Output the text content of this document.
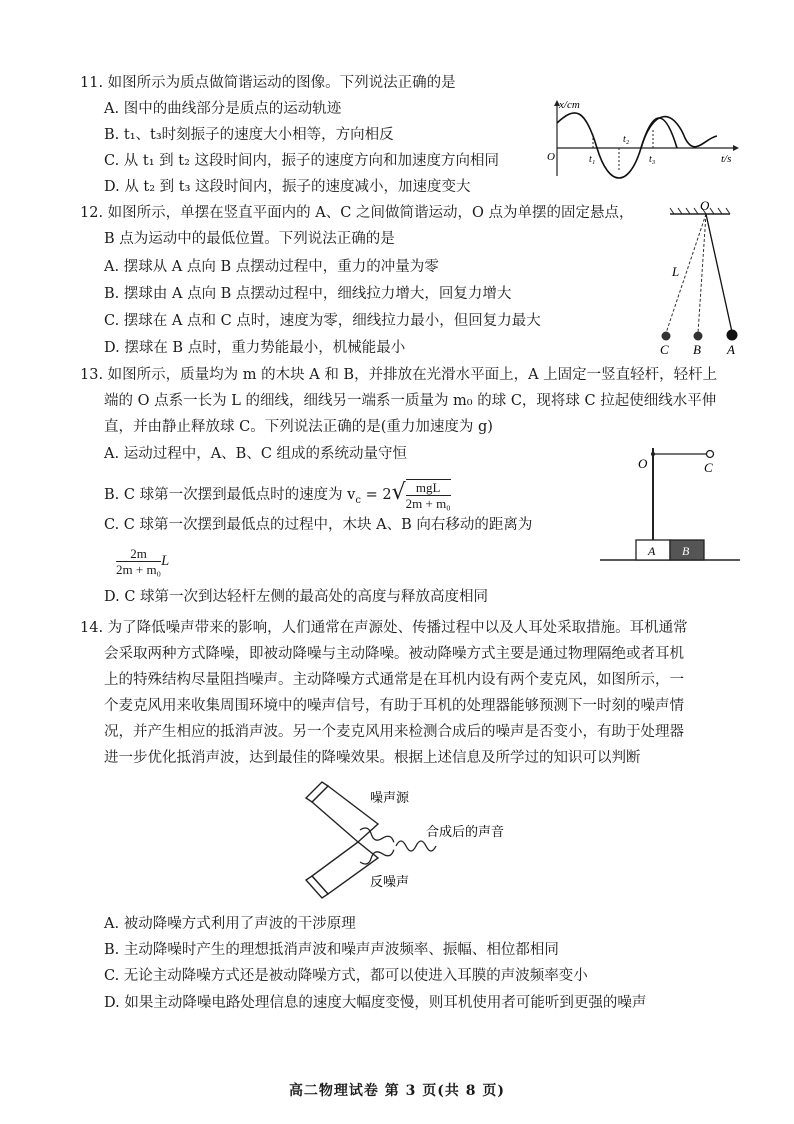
11. 如图所示为质点做简谐运动的图像。下列说法正确的是
A. 图中的曲线部分是质点的运动轨迹
B. t₁、t₃时刻振子的速度大小相等，方向相反
C. 从 t₁ 到 t₂ 这段时间内，振子的速度方向和加速度方向相同
D. 从 t₂ 到 t₃ 这段时间内，振子的速度减小，加速度变大
x/cm
t/s
O	t₁
t₂
t₃
12. 如图所示，单摆在竖直平面内的 A、C 之间做简谐运动，O 点为单摆的固定悬点，
B 点为运动中的最低位置。下列说法正确的是
A. 摆球从 A 点向 B 点摆动过程中，重力的冲量为零
B. 摆球由 A 点向 B 点摆动过程中，细线拉力增大，回复力增大
C. 摆球在 A 点和 C 点时，速度为零，细线拉力最小，但回复力最大
D. 摆球在 B 点时，重力势能最小，机械能最小
O
L
C B A
13. 如图所示，质量均为 m 的木块 A 和 B，并排放在光滑水平面上，A 上固定一竖直轻杆，轻杆上
端的 O 点系一长为 L 的细线，细线另一端系一质量为 m₀ 的球 C，现将球 C 拉起使细线水平伸
直，并由静止释放球 C。下列说法正确的是(重力加速度为 g)
A. 运动过程中，A、B、C 组成的系统动量守恒
B. C 球第一次摆到最低点时的速度为 $v_c = 2√ \frac{\text{mgL}}{\text{2m + m₀}}$
C. C 球第一次摆到最低点的过程中，木块 A、B 向右移动的距离为
$\frac{2m}{\text{2m + m₀}}$ L
D. C 球第一次到达轻杆左侧的最高处的高度与释放高度相同
O	C
A B
14. 为了降低噪声带来的影响，人们通常在声源处、传播过程中以及人耳处采取措施。耳机通常
会采取两种方式降噪，即被动降噪与主动降噪。被动降噪方式主要是通过物理隔绝或者耳机
上的特殊结构尽量阻挡噪声。主动降噪方式通常是在耳机内设有两个麦克风，如图所示，一
个麦克风用来收集周围环境中的噪声信号，有助于耳机的处理器能够预测下一时刻的噪声情
况，并产生相应的抵消声波。另一个麦克风用来检测合成后的噪声是否变小，有助于处理器
进一步优化抵消声波，达到最佳的降噪效果。根据上述信息及所学过的知识可以判断
噪声源
合成后的声音
反噪声
A. 被动降噪方式利用了声波的干涉原理
B. 主动降噪时产生的理想抵消声波和噪声声波频率、振幅、相位都相同
C. 无论主动降噪方式还是被动降噪方式，都可以使进入耳膜的声波频率变小
D. 如果主动降噪电路处理信息的速度大幅度变慢，则耳机使用者可能听到更强的噪声
高二物理试卷 第 3 页(共 8 页)
